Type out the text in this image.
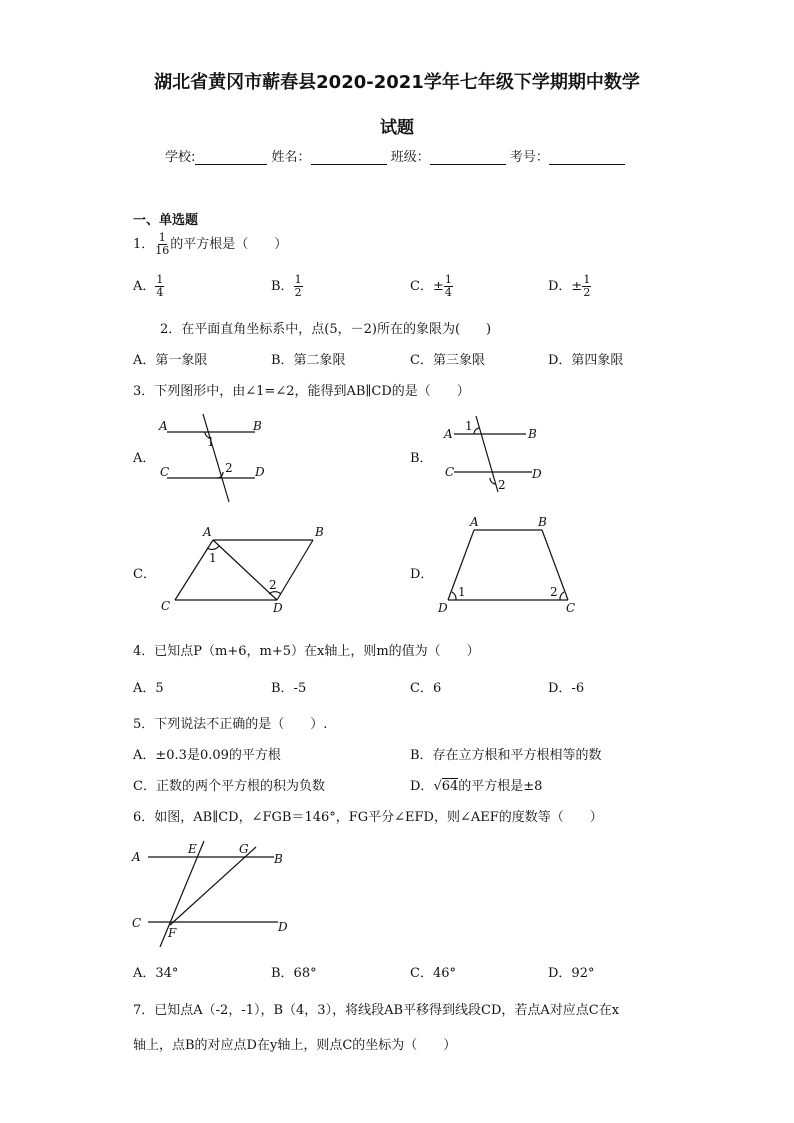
湖北省黄冈市蕲春县2020-2021学年七年级下学期期中数学
试题
学校:	姓名：	班级：	考号：
一、单选题
1． $\frac{1}{16}$ 的平方根是（　　）
A． $\frac{1}{4}$	B． $\frac{1}{2}$	C．± $\frac{1}{4}$	D．± $\frac{1}{2}$
2．在平面直角坐标系中，点(5，－2)所在的象限为(　　)
A．第一象限	B．第二象限	C．第三象限	D．第四象限
3．下列图形中，由∠1=∠2，能得到AB∥CD的是（　　）
A．
A	B
C	D
1
2
B．
A	B
C	D
1
2
C．
A	B
C	D
1
2
D．
A	B
D	C
1	2
4．已知点P（m+6，m+5）在x轴上，则m的值为（　　）
A．5	B．-5	C．6	D．-6
5．下列说法不正确的是（　　）.
A．±0.3是0.09的平方根	B．存在立方根和平方根相等的数
C．正数的两个平方根的积为负数	D．√64的平方根是±8
6．如图，AB∥CD，∠FGB＝146°，FG平分∠EFD，则∠AEF的度数等（　　）
A	B
C	D
E
F
G
A．34°	B．68°	C．46°	D．92°
7．已知点A（-2，-1），B（4，3），将线段AB平移得到线段CD，若点A对应点C在x
轴上，点B的对应点D在y轴上，则点C的坐标为（　　）
